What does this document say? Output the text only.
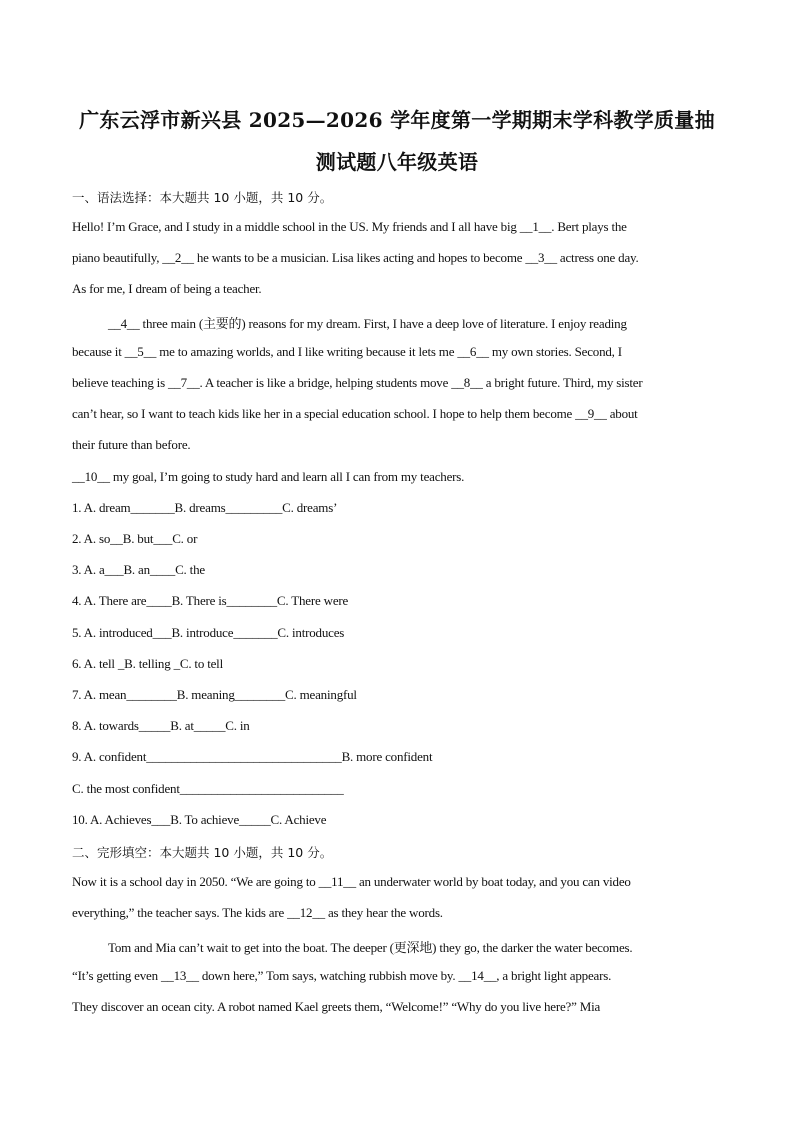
广东云浮市新兴县 2025—2026 学年度第一学期期末学科教学质量抽
测试题八年级英语
一、语法选择：本大题共 10 小题，共 10 分。
Hello! I’m Grace, and I study in a middle school in the US. My friends and I all have big __1__. Bert plays the
piano beautifully, __2__ he wants to be a musician. Lisa likes acting and hopes to become __3__ actress one day.
As for me, I dream of being a teacher.
__4__ three main (主要的) reasons for my dream. First, I have a deep love of literature. I enjoy reading
because it __5__ me to amazing worlds, and I like writing because it lets me __6__ my own stories. Second, I
believe teaching is __7__. A teacher is like a bridge, helping students move __8__ a bright future. Third, my sister
can’t hear, so I want to teach kids like her in a special education school. I hope to help them become __9__ about
their future than before.
__10__ my goal, I’m going to study hard and learn all I can from my teachers.
1. A. dream_______B. dreams_________C. dreams’
2. A. so__B. but___C. or
3. A. a___B. an____C. the
4. A. There are____B. There is________C. There were
5. A. introduced___B. introduce_______C. introduces
6. A. tell _B. telling _C. to tell
7. A. mean________B. meaning________C. meaningful
8. A. towards_____B. at_____C. in
9. A. confident_______________________________B. more confident
C. the most confident__________________________
10. A. Achieves___B. To achieve_____C. Achieve
二、完形填空：本大题共 10 小题，共 10 分。
Now it is a school day in 2050. “We are going to __11__ an underwater world by boat today, and you can video
everything,” the teacher says. The kids are __12__ as they hear the words.
Tom and Mia can’t wait to get into the boat. The deeper (更深地) they go, the darker the water becomes.
“It’s getting even __13__ down here,” Tom says, watching rubbish move by. __14__, a bright light appears.
They discover an ocean city. A robot named Kael greets them, “Welcome!” “Why do you live here?” Mia
